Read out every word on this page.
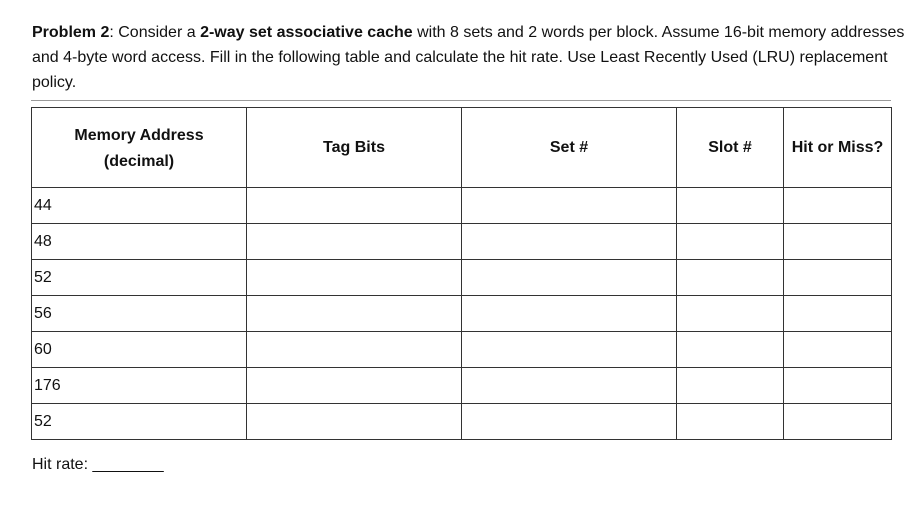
Problem 2: Consider a 2-way set associative cache with 8 sets and 2 words per block. Assume 16-bit memory addresses and 4-byte word access. Fill in the following table and calculate the hit rate. Use Least Recently Used (LRU) replacement policy.
Memory Address
(decimal)	Tag Bits	Set #	Slot #	Hit or Miss?
44				
48				
52				
56				
60				
176				
52				
Hit rate: ________
